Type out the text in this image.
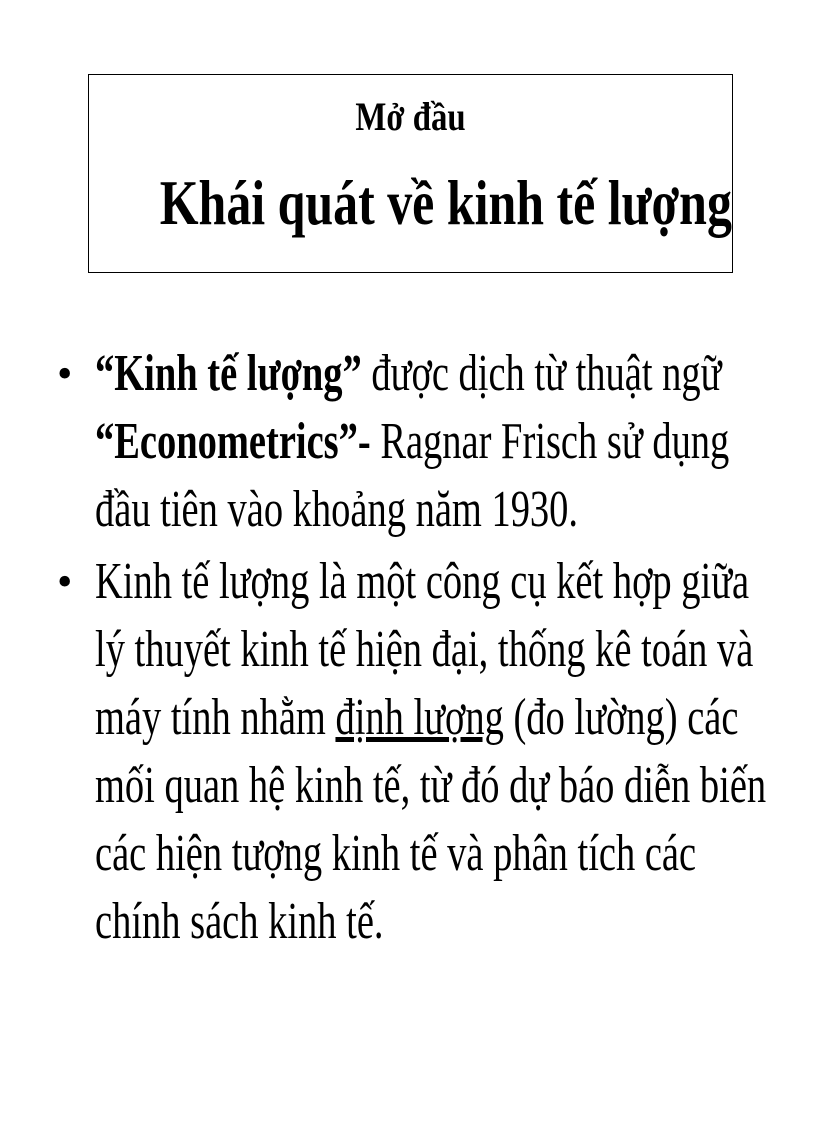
Mở đầu
Khái quát về kinh tế lượng
• “Kinh tế lượng” được dịch từ thuật ngữ
“Econometrics”- Ragnar Frisch sử dụng
đầu tiên vào khoảng năm 1930.
• Kinh tế lượng là một công cụ kết hợp giữa
lý thuyết kinh tế hiện đại, thống kê toán và
máy tính nhằm định lượng (đo lường) các
mối quan hệ kinh tế, từ đó dự báo diễn biến
các hiện tượng kinh tế và phân tích các
chính sách kinh tế.
